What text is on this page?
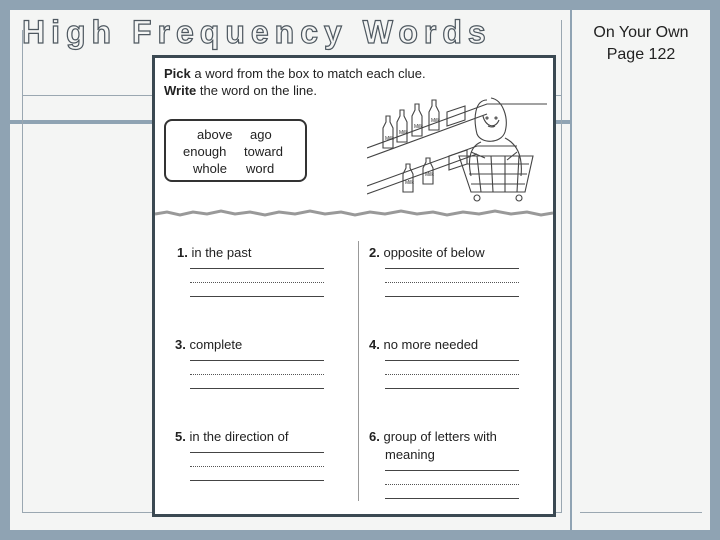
High Frequency Words	On Your Own
Page 122
Pick a word from the box to match each clue.
Write the word on the line.
above ago
enough toward
whole word
Milk
Milk
Milk
Milk
Milk
Milk
1. in the past	2. opposite of below
3. complete	4. no more needed
5. in the direction of	6. group of letters with
meaning
